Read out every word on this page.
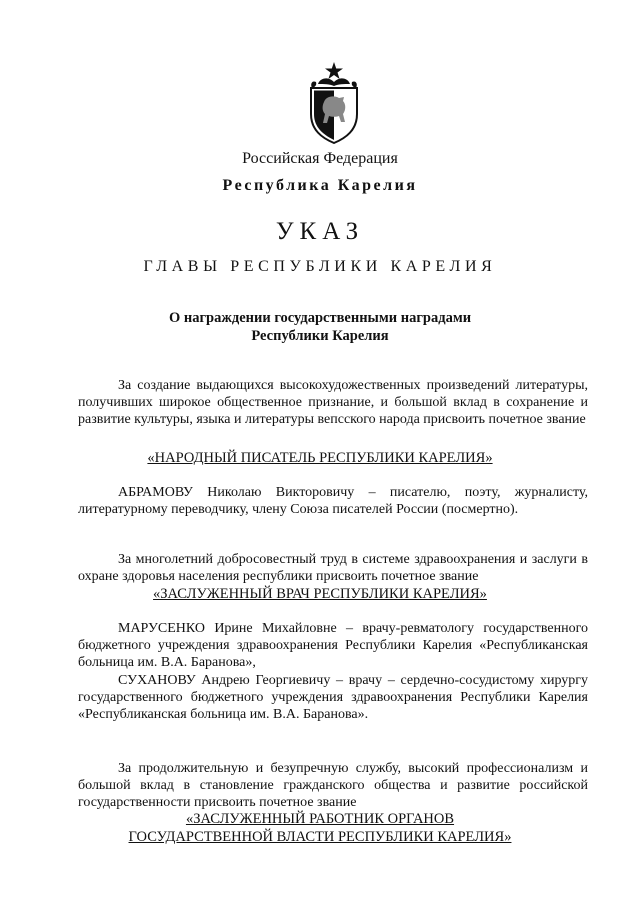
Российская Федерация
Республика Карелия
УКАЗ
ГЛАВЫ РЕСПУБЛИКИ КАРЕЛИЯ
О награждении государственными наградами
Республики Карелия
За создание выдающихся высокохудожественных произведений литературы, получивших широкое общественное признание, и большой вклад в сохранение и развитие культуры, языка и литературы вепсского народа присвоить почетное звание
«НАРОДНЫЙ ПИСАТЕЛЬ РЕСПУБЛИКИ КАРЕЛИЯ»
АБРАМОВУ Николаю Викторовичу – писателю, поэту, журналисту, литературному переводчику, члену Союза писателей России (посмертно).
За многолетний добросовестный труд в системе здравоохранения и заслуги в охране здоровья населения республики присвоить почетное звание
«ЗАСЛУЖЕННЫЙ ВРАЧ РЕСПУБЛИКИ КАРЕЛИЯ»
МАРУСЕНКО Ирине Михайловне – врачу-ревматологу государственного бюджетного учреждения здравоохранения Республики Карелия «Республиканская больница им. В.А. Баранова»,
СУХАНОВУ Андрею Георгиевичу – врачу – сердечно-сосудистому хирургу государственного бюджетного учреждения здравоохранения Республики Карелия «Республиканская больница им. В.А. Баранова».
За продолжительную и безупречную службу, высокий профессионализм и большой вклад в становление гражданского общества и развитие российской государственности присвоить почетное звание
«ЗАСЛУЖЕННЫЙ РАБОТНИК ОРГАНОВ
ГОСУДАРСТВЕННОЙ ВЛАСТИ РЕСПУБЛИКИ КАРЕЛИЯ»
